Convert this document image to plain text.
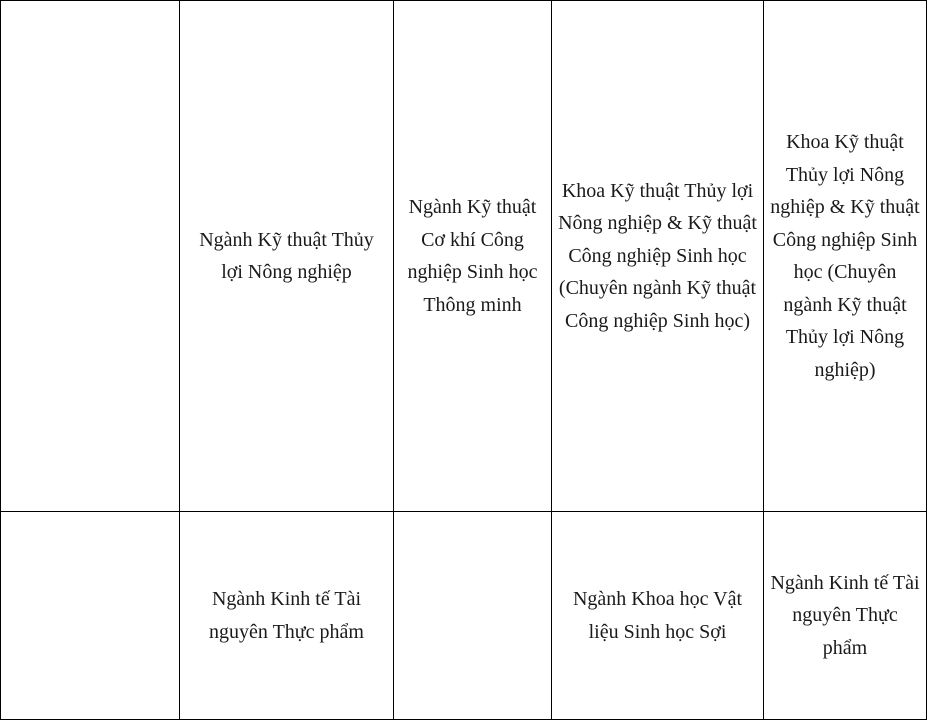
	Ngành Kỹ thuật Thủy lợi Nông nghiệp	Ngành Kỹ thuật Cơ khí Công nghiệp Sinh học Thông minh	Khoa Kỹ thuật Thủy lợi Nông nghiệp & Kỹ thuật Công nghiệp Sinh học (Chuyên ngành Kỹ thuật Công nghiệp Sinh học)	Khoa Kỹ thuật Thủy lợi Nông nghiệp & Kỹ thuật Công nghiệp Sinh học (Chuyên ngành Kỹ thuật Thủy lợi Nông nghiệp)

	Ngành Kinh tế Tài nguyên Thực phẩm		Ngành Khoa học Vật liệu Sinh học Sợi	Ngành Kinh tế Tài nguyên Thực phẩm
